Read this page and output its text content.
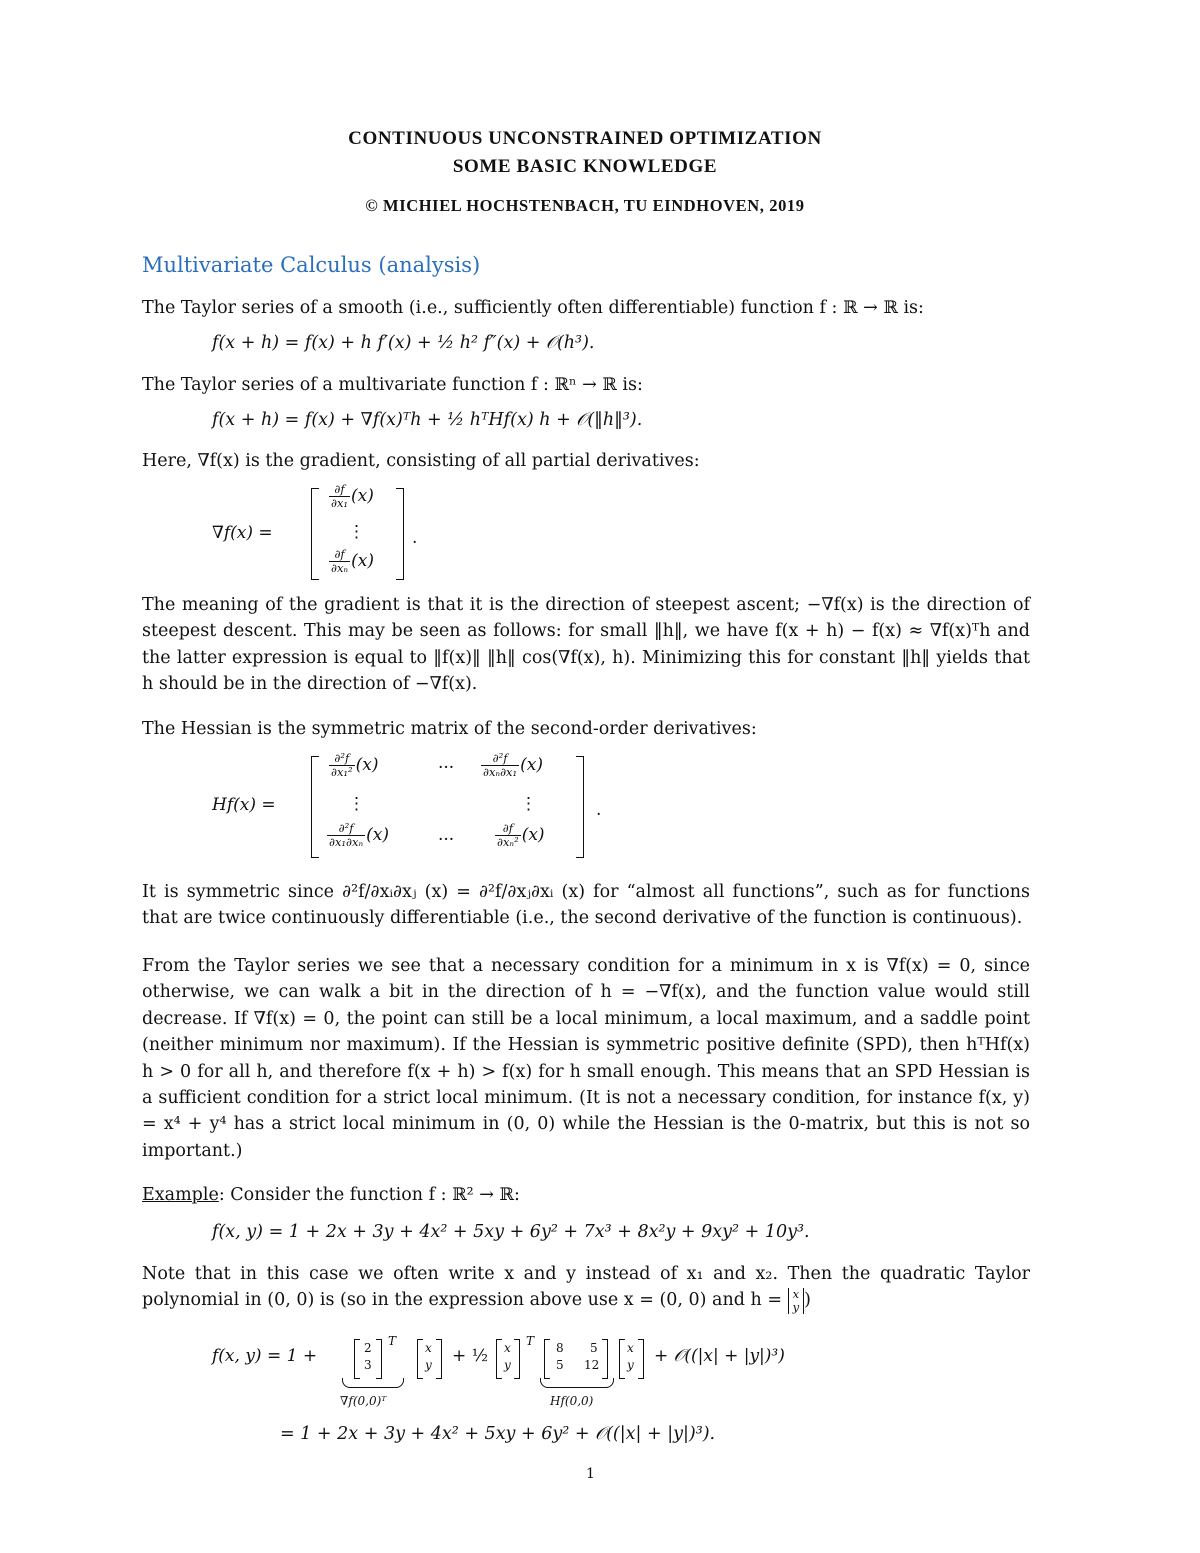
CONTINUOUS UNCONSTRAINED OPTIMIZATION
SOME BASIC KNOWLEDGE
© MICHIEL HOCHSTENBACH, TU EINDHOVEN, 2019
Multivariate Calculus (analysis)
The Taylor series of a smooth (i.e., sufficiently often differentiable) function f : ℝ → ℝ is:
f(x + h) = f(x) + h f′(x) + ½ h² f″(x) + 𝒪(h³).
The Taylor series of a multivariate function f : ℝⁿ → ℝ is:
f(x + h) = f(x) + ∇f(x)ᵀh + ½ hᵀHf(x) h + 𝒪(‖h‖³).
Here, ∇f(x) is the gradient, consisting of all partial derivatives:
∇f(x) =
$\frac{\partial f}{\text{∂x₁}} (x)$
⋮
$\frac{\partial f}{\text{∂xₙ}} (x)$
.
The meaning of the gradient is that it is the direction of steepest ascent; −∇f(x) is the direction of steepest descent. This may be seen as follows: for small ‖h‖, we have f(x + h) − f(x) ≈ ∇f(x)ᵀh and the latter expression is equal to ‖f(x)‖ ‖h‖ cos(∇f(x), h). Minimizing this for constant ‖h‖ yields that h should be in the direction of −∇f(x).
The Hessian is the symmetric matrix of the second-order derivatives:
Hf(x) =
$\frac{\text{∂²f}}{\text{∂x₁²}} (x)$	··· $\frac{\text{∂²f}}{\text{∂xₙ∂x₁}} (x)$
⋮	⋮
$\frac{\text{∂²f}}{\text{∂x₁∂xₙ}} (x)$	···	$\frac{\partial f}{\text{∂xₙ²}} (x)$
.
It is symmetric since ∂²f/∂xᵢ∂xⱼ (x) = ∂²f/∂xⱼ∂xᵢ (x) for “almost all functions”, such as for functions that are twice continuously differentiable (i.e., the second derivative of the function is continuous).
From the Taylor series we see that a necessary condition for a minimum in x is ∇f(x) = 0, since otherwise, we can walk a bit in the direction of h = −∇f(x), and the function value would still decrease. If ∇f(x) = 0, the point can still be a local minimum, a local maximum, and a saddle point (neither minimum nor maximum). If the Hessian is symmetric positive definite (SPD), then hᵀHf(x) h > 0 for all h, and therefore f(x + h) > f(x) for h small enough. This means that an SPD Hessian is a sufficient condition for a strict local minimum. (It is not a necessary condition, for instance f(x, y) = x⁴ + y⁴ has a strict local minimum in (0, 0) while the Hessian is the 0-matrix, but this is not so important.)
Example: Consider the function f : ℝ² → ℝ:
f(x, y) = 1 + 2x + 3y + 4x² + 5xy + 6y² + 7x³ + 8x²y + 9xy² + 10y³.
Note that in this case we often write x and y instead of x₁ and x₂. Then the quadratic Taylor polynomial in (0, 0) is (so in the expression above use x = (0, 0) and h = x
y )
f(x, y) = 1 +	2
3
T x
y + ½ x
y
T 8 5
5 12
x
y + 𝒪((|x| + |y|)³)
∇f(0,0)ᵀ	Hf(0,0)
= 1 + 2x + 3y + 4x² + 5xy + 6y² + 𝒪((|x| + |y|)³).
1
